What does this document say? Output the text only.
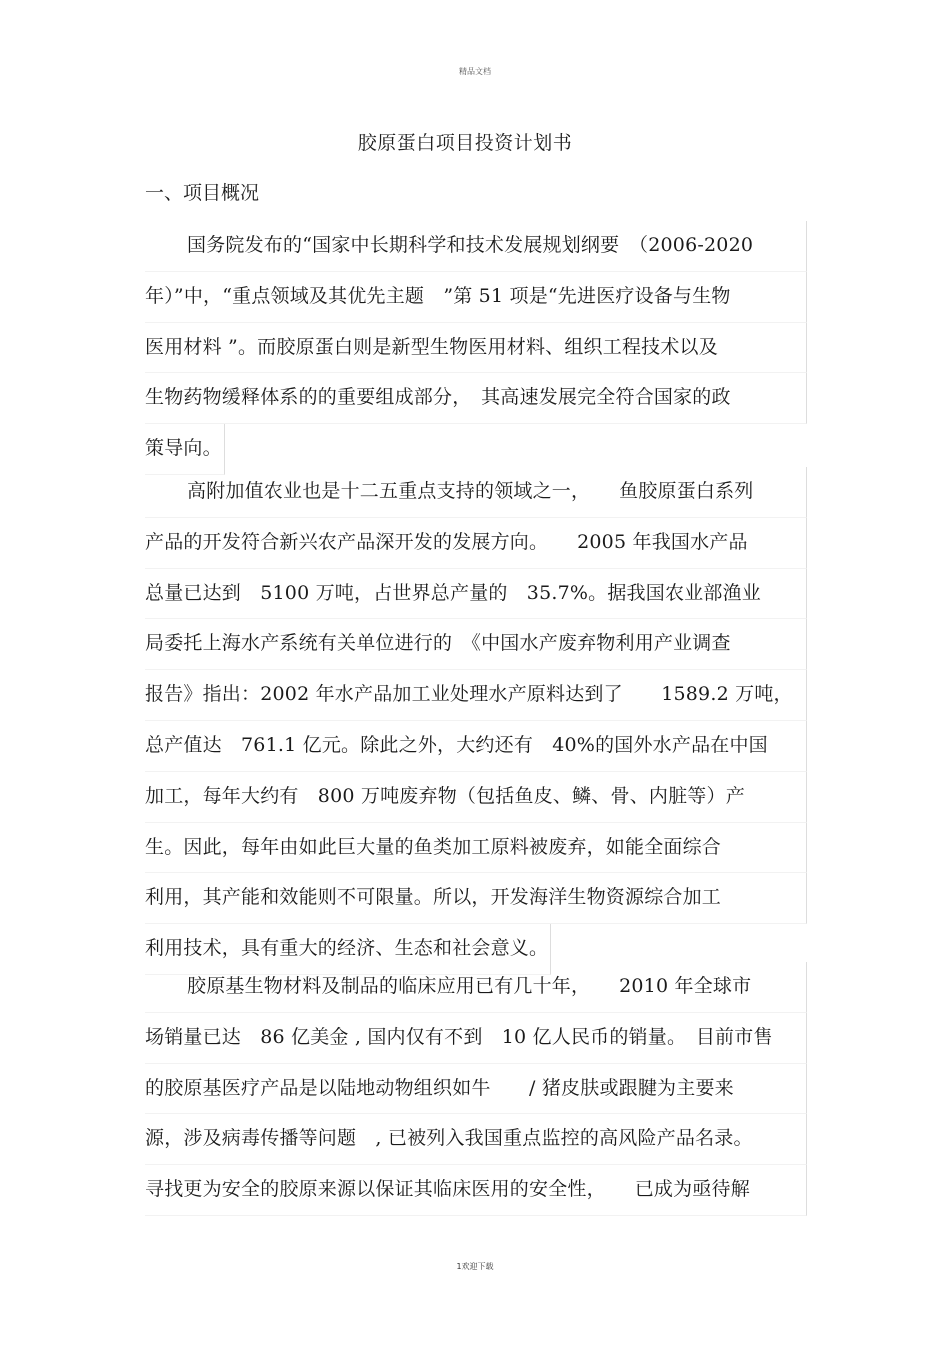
精品文档
胶原蛋白项目投资计划书
一、项目概况
国务院发布的“国家中长期科学和技术发展规划纲要　（2006-2020
年）”中，“重点领域及其优先主题　”第 51 项是“先进医疗设备与生物
医用材料 ”。而胶原蛋白则是新型生物医用材料、组织工程技术以及
生物药物缓释体系的的重要组成部分，　其高速发展完全符合国家的政
策导向。
高附加值农业也是十二五重点支持的领域之一，　　鱼胶原蛋白系列
产品的开发符合新兴农产品深开发的发展方向。　　2005 年我国水产品
总量已达到　5100 万吨，占世界总产量的　35.7%。据我国农业部渔业
局委托上海水产系统有关单位进行的　《中国水产废弃物利用产业调查
报告》指出：2002 年水产品加工业处理水产原料达到了　　1589.2 万吨，
总产值达　761.1 亿元。除此之外，大约还有　40%的国外水产品在中国
加工，每年大约有　800 万吨废弃物（包括鱼皮、鳞、骨、内脏等）产
生。因此，每年由如此巨大量的鱼类加工原料被废弃，如能全面综合
利用，其产能和效能则不可限量。所以，开发海洋生物资源综合加工
利用技术，具有重大的经济、生态和社会意义。
胶原基生物材料及制品的临床应用已有几十年，　　2010 年全球市
场销量已达　86 亿美金 , 国内仅有不到　10 亿人民币的销量。　目前市售
的胶原基医疗产品是以陆地动物组织如牛　　/ 猪皮肤或跟腱为主要来
源，涉及病毒传播等问题　, 已被列入我国重点监控的高风险产品名录。
寻找更为安全的胶原来源以保证其临床医用的安全性，　　已成为亟待解
1欢迎下载
